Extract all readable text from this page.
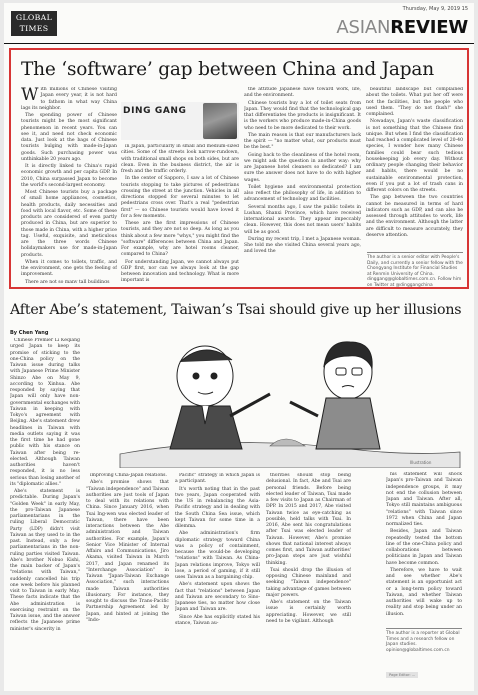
GLOBAL
TIMES
Thursday, May 9, 2019 15
ASIANREVIEW
The ‘software’ gap between China and Japan

With millions of Chinese visiting Japan every year, it is not hard to fathom in what way China lags its neighbor.

The spending power of Chinese tourists might be the most significant phenomenon in recent years. You can see it, and need not check economic data. Just look at the bags of Chinese tourists bulging with made-in-Japan goods. Such purchasing power was unthinkable 20 years ago.

It is directly linked to China's rapid economic growth and per capita GDP. In 2010, China surpassed Japan to become the world's second-largest economy.

Most Chinese tourists buy a package of small home appliances, cosmetics, health products, daily necessities and food with local flavor, etc. Some of these products are considered of even partly produced in China, but are superior to those made in China, with a higher price tag. Useful, exquisite, and meticulous are the three words Chinese holidaymakers use for made-in-Japan products.

When it comes to toilets, traffic, and the environment, one gets the feeling of improvement.

There are not so many tall buildings

DING GANG

in Japan, particularly in small and medium-sized cities. Some of the streets look narrow-rundown, with traditional small shops on both sides, but are clean. Even in the business district, the air is fresh and the traffic orderly.

In the center of Sapporo, I saw a lot of Chinese tourists stopping to take pictures of pedestrians crossing the street at the junction. Vehicles in all directions stopped for several minutes to let pedestrians cross over. That's a real "pedestrian first" — so Chinese tourists would have loved it for a few moments.

These are the first impressions of Chinese tourists, and they are not so deep. As long as you think about a few more "whys," you might find the "software" differences between China and Japan. For example, why are hotel rooms cleaner, compared to China?

For understanding Japan, we cannot always put GDP first, nor can we always look at the gap between innovation and technology. What is more important is

the attitude Japanese have toward work, life, and the environment.

Chinese tourists buy a lot of toilet seats from Japan. They would find that the technological gap that differentiates the products is insignificant. It is the workers who produce made-in-China goods who need to be more dedicated to their work.

The main reason is that our manufacturers lack the spirit — "no matter what, our products must be the best."

Going back to the cleanliness of the hotel room, we might ask the question in another way: why are Japanese hotel cleaners so dedicated? I am sure the answer does not have to do with higher wages.

Toilet hygiene and environmental protection also reflect the philosophy of life, in addition to advancement of technology and facilities.

Several months ago, I saw the public toilets in Lushan, Shanxi Province, which have received international awards. They appear impeccably clean. However, this does not mean users' habits will be as good.

During my recent trip, I met a Japanese woman. She told me she visited China several years ago, and loved the

beautiful landscape but complained about the toilets. What put her off were not the facilities, but the people who used them. "They do not flush!" she complained.

Nowadays, Japan's waste classification is not something that the Chinese find unique. But when I find the classification had reached a complicated level of 20-40 species, I wonder how many Chinese families could bear such tedious housekeeping job every day. Without ordinary people changing their behavior and habits, there would be no sustainable environmental protection, even if you put a lot of trash cans in different colors on the streets.

The gap between the two countries cannot be measured in terms of hard indicators such as GDP, and can also be assessed through attitudes to work, life and the environment. Although the latter are difficult to measure accurately, they deserve attention.

The author is a senior editor with People's Daily, and currently a senior fellow with the Chongyang Institute for Financial Studies at Renmin University of China. dinggang@globaltimes.com.cn. Follow him on Twitter at @dinggangchina
After Abe’s statement, Taiwan’s Tsai should give up her illusions
By Chen Yang

Chinese Premier Li Keqiang urged Japan to keep its promise of sticking to the one-China policy on the Taiwan issue during talks with Japanese Prime Minister Shinzo Abe on May 9, according to Xinhua. Abe responded by saying that Japan will only have non-governmental exchanges with Taiwan in keeping with Tokyo's agreement with Beijing. Abe's statement drew headlines in Taiwan with media outlets saying it was the first time he had gone public with his stance on Taiwan after being re-elected. Although Taiwan authorities haven't responded, it is no less serious than losing another of its "diplomatic allies."

Abe's statement is predictable. During Japan's "Golden Week" in early May, the pro-Taiwan Japanese parliamentarians in the ruling Liberal Democratic Party (LDP) didn't visit Taiwan as they used to in the past. Instead, only a few parliamentarians in the non-ruling parties visited Taiwan. Abe's brother Nobuo Kishi, the main backer of Japan's "relations with Taiwan," suddenly cancelled his trip one week before his planned visit to Taiwan in early May. These facts indicate that the Abe administration is exercising restraint on the Taiwan issue, and the answer reflects the Japanese prime minister's sincerity in

Illustration

improving China-Japan relations.

Abe's promise shows that "Taiwan independence" and Taiwan authorities are just tools of Japan to deal with its relations with China. Since January 2016, when Tsai Ing-wen was elected leader of Taiwan, there have been interactions between the Abe administration and Taiwan authorities. For example, Japan's Senior Vice Minister of Internal Affairs and Communications, Jiro Akama, visited Taiwan in March 2017, and Japan renamed its "Interchange Association" in Taiwan "Japan-Taiwan Exchange Association," such interactions made Taiwan authorities illusionary. For instance, they sought to discuss the Trans-Pacific Partnership Agreement led by Japan, and hinted at joining the "Indo-

Pacific" strategy in which Japan is a participant.

It's worth noting that in the past two years, Japan cooperated with the US in rebalancing the Asia-Pacific strategy and in dealing with the South China Sea issue, which kept Taiwan for some time in a dilemma.

Abe administration's firm diplomatic strategy toward China was a policy of containment, because the would-be developing "relations" with Taiwan. As China-Japan relations improve, Tokyo will lose, a period of gaming, if it still uses Taiwan as a bargaining chip.

Abe's statement upon shows the fact that "relations" between Japan and Taiwan are secondary to Sino-Japanese ties, no matter how close Japan and Taiwan are.

Since Abe has explicitly stated his stance, Taiwan au-

thorities should stop being delusional. In fact, Abe and Tsai are personal friends. Before being elected leader of Taiwan, Tsai made a few visits to Japan as Chairman of DPP. In 2015 and 2017, Abe visited Taiwan twice as eye-catching as possible, held talks with Tsai. In 2016, Abe sent his congratulations after Tsai was elected leader of Taiwan. However, Abe's promise shows that national interest always comes first, and Taiwan authorities' pro-Japan steps are just wishful thinking.

Tsai should drop the illusion of opposing Chinese mainland and seeking "Taiwan independence" taking advantage of games between major powers.

Abe's statement on the Taiwan issue is certainly worth appreciating. However, we still need to be vigilant. Although

his statement will shock Japan's pro-Taiwan and Taiwan independence groups, it may not end the collusion between Japan and Taiwan. After all, Tokyo still maintains ambiguous "relations" with Taiwan since 1972 when China and Japan normalized ties.

Besides, Japan and Taiwan repeatedly tested the bottom line of the one-China policy and collaborations between politicians in Japan and Taiwan have become common.

Therefore, we have to wait and see whether Abe's statement is an opportunist act or a long-term policy toward Taiwan, and whether Taiwan authorities will wake up to reality and stop being under an illusion.

The author is a reporter at Global Times and a research fellow on Japan studies. opinion@globaltimes.com.cn
Page Editor: ...
